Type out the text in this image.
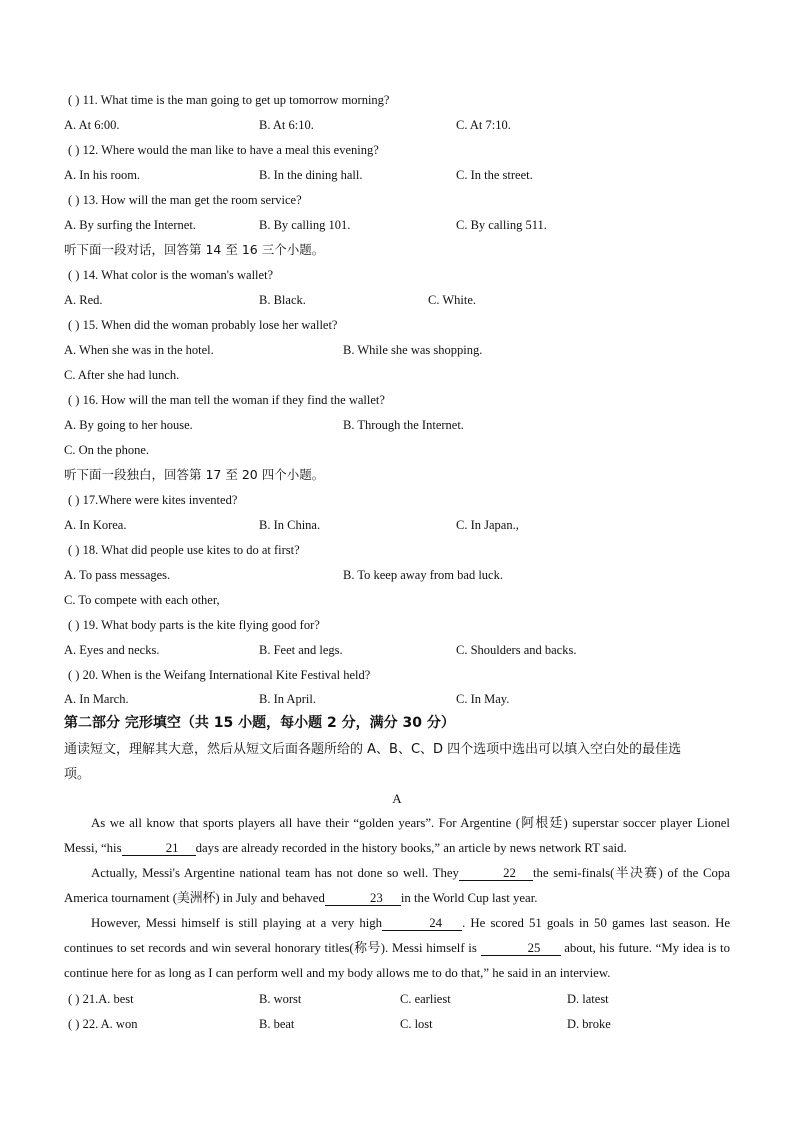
( ) 11. What time is the man going to get up tomorrow morning?
A. At 6:00.	B. At 6:10.	C. At 7:10.
( ) 12. Where would the man like to have a meal this evening?
A. In his room.	B. In the dining hall.	C. In the street.
( ) 13. How will the man get the room service?
A. By surfing the Internet.	B. By calling 101.	C. By calling 511.
听下面一段对话，回答第 14 至 16 三个小题。
( ) 14. What color is the woman's wallet?
A. Red.	B. Black.	C. White.
( ) 15. When did the woman probably lose her wallet?
A. When she was in the hotel.	B. While she was shopping.
C. After she had lunch.
( ) 16. How will the man tell the woman if they find the wallet?
A. By going to her house.	B. Through the Internet.
C. On the phone.
听下面一段独白，回答第 17 至 20 四个小题。
( ) 17.Where were kites invented?
A. In Korea.	B. In China.	C. In Japan.,
( ) 18. What did people use kites to do at first?
A. To pass messages.	B. To keep away from bad luck.
C. To compete with each other,
( ) 19. What body parts is the kite flying good for?
A. Eyes and necks.	B. Feet and legs.	C. Shoulders and backs.
( ) 20. When is the Weifang International Kite Festival held?
A. In March.	B. In April.	C. In May.
第二部分 完形填空（共 15 小题，每小题 2 分，满分 30 分）
通读短文，理解其大意，然后从短文后面各题所给的 A、B、C、D 四个选项中选出可以填入空白处的最佳选
项。
A
As we all know that sports players all have their “golden years”. For Argentine (阿根廷) superstar soccer player Lionel Messi, “his	21 days are already recorded in the history books,” an article by news network RT said.
Actually, Messi's Argentine national team has not done so well. They	22 the semi-finals(半决赛) of the Copa America tournament (美洲杯) in July and behaved	23 in the World Cup last year.
However, Messi himself is still playing at a very high	24 . He scored 51 goals in 50 games last season. He continues to set records and win several honorary titles(称号). Messi himself is	25 about, his future. “My idea is to continue here for as long as I can perform well and my body allows me to do that,” he said in an interview.
( ) 21.A. best	B. worst	C. earliest	D. latest
( ) 22. A. won	B. beat	C. lost	D. broke
